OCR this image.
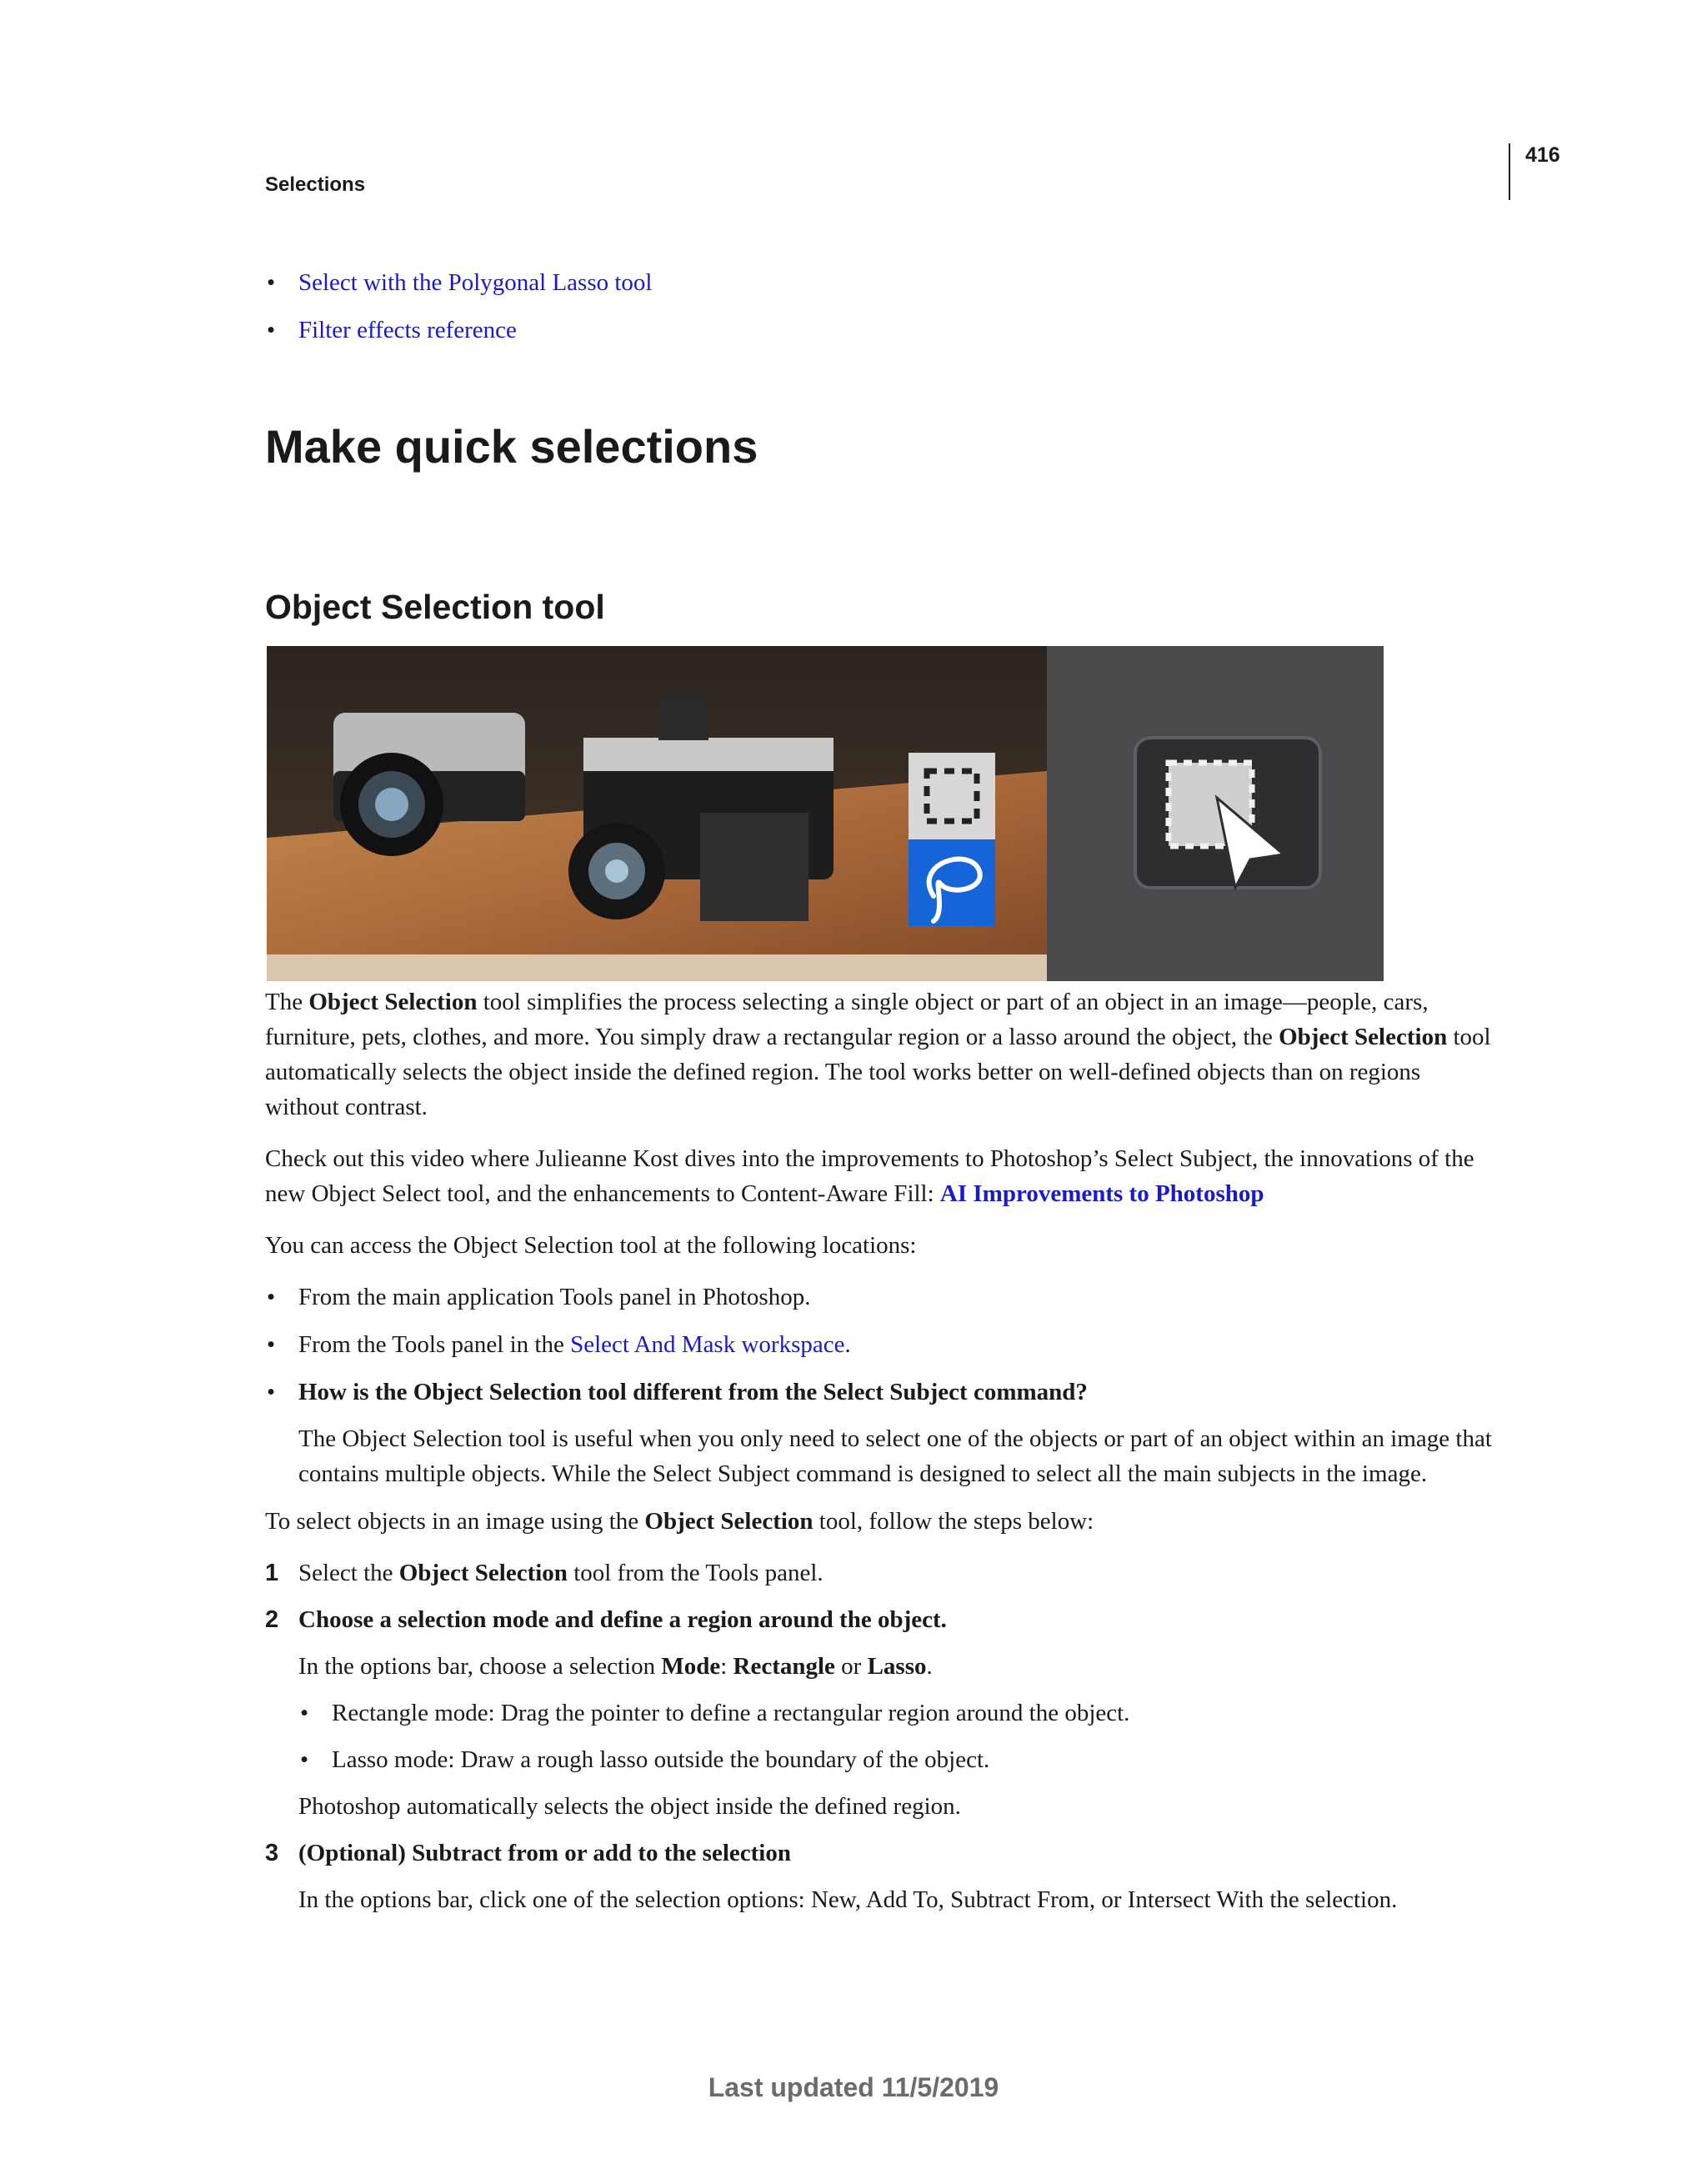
416
Selections
• Select with the Polygonal Lasso tool
• Filter effects reference
Make quick selections
Object Selection tool

The Object Selection tool simplifies the process selecting a single object or part of an object in an image—people, cars, furniture, pets, clothes, and more. You simply draw a rectangular region or a lasso around the object, the Object Selection tool automatically selects the object inside the defined region. The tool works better on well-defined objects than on regions without contrast.

Check out this video where Julieanne Kost dives into the improvements to Photoshop’s Select Subject, the innovations of the new Object Select tool, and the enhancements to Content-Aware Fill: AI Improvements to Photoshop

You can access the Object Selection tool at the following locations:

• From the main application Tools panel in Photoshop.
• From the Tools panel in the Select And Mask workspace.
• How is the Object Selection tool different from the Select Subject command?
The Object Selection tool is useful when you only need to select one of the objects or part of an object within an image that contains multiple objects. While the Select Subject command is designed to select all the main subjects in the image.

To select objects in an image using the Object Selection tool, follow the steps below:

1 Select the Object Selection tool from the Tools panel.

2 Choose a selection mode and define a region around the object.

In the options bar, choose a selection Mode: Rectangle or Lasso.

• Rectangle mode: Drag the pointer to define a rectangular region around the object.
• Lasso mode: Draw a rough lasso outside the boundary of the object.

Photoshop automatically selects the object inside the defined region.

3 (Optional) Subtract from or add to the selection

In the options bar, click one of the selection options: New, Add To, Subtract From, or Intersect With the selection.

Last updated 11/5/2019
